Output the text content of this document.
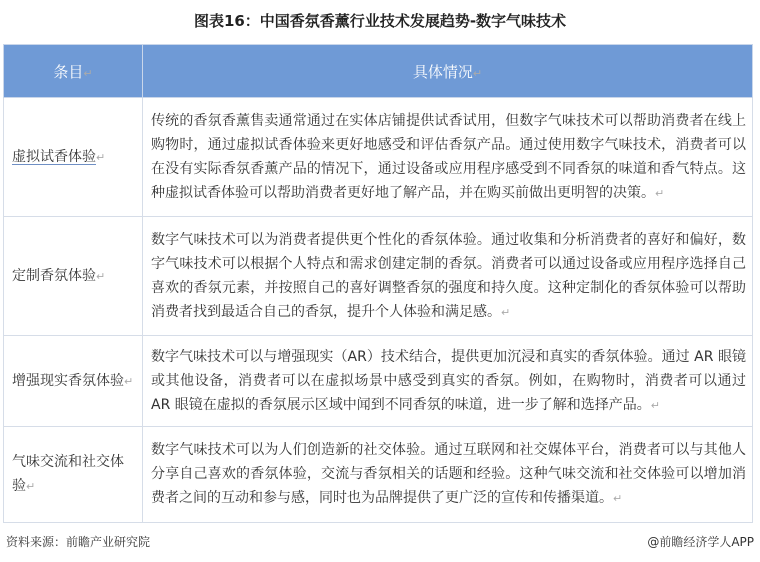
图表16：中国香氛香薰行业技术发展趋势-数字气味技术
条目↵	具体情况↵
虚拟试香体验↵	传统的香氛香薰售卖通常通过在实体店铺提供试香试用，但数字气味技术可以帮助消费者在线上购物时，通过虚拟试香体验来更好地感受和评估香氛产品。通过使用数字气味技术，消费者可以在没有实际香氛香薰产品的情况下，通过设备或应用程序感受到不同香氛的味道和香气特点。这种虚拟试香体验可以帮助消费者更好地了解产品，并在购买前做出更明智的决策。↵
定制香氛体验↵	数字气味技术可以为消费者提供更个性化的香氛体验。通过收集和分析消费者的喜好和偏好，数字气味技术可以根据个人特点和需求创建定制的香氛。消费者可以通过设备或应用程序选择自己喜欢的香氛元素，并按照自己的喜好调整香氛的强度和持久度。这种定制化的香氛体验可以帮助消费者找到最适合自己的香氛，提升个人体验和满足感。↵
增强现实香氛体验↵	数字气味技术可以与增强现实（AR）技术结合，提供更加沉浸和真实的香氛体验。通过 AR 眼镜或其他设备，消费者可以在虚拟场景中感受到真实的香氛。例如，在购物时，消费者可以通过 AR 眼镜在虚拟的香氛展示区域中闻到不同香氛的味道，进一步了解和选择产品。↵
气味交流和社交体验↵	数字气味技术可以为人们创造新的社交体验。通过互联网和社交媒体平台，消费者可以与其他人分享自己喜欢的香氛体验，交流与香氛相关的话题和经验。这种气味交流和社交体验可以增加消费者之间的互动和参与感，同时也为品牌提供了更广泛的宣传和传播渠道。↵
资料来源：前瞻产业研究院	@前瞻经济学人APP
